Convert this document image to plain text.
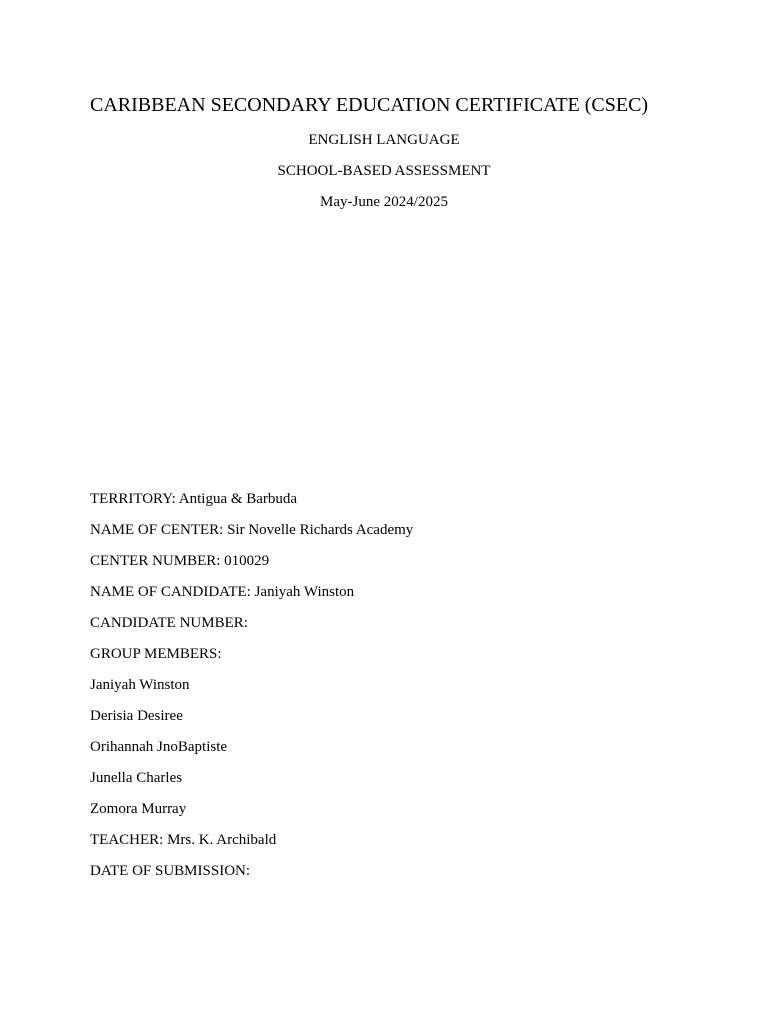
CARIBBEAN SECONDARY EDUCATION CERTIFICATE (CSEC)
ENGLISH LANGUAGE
SCHOOL-BASED ASSESSMENT
May-June 2024/2025
TERRITORY: Antigua & Barbuda
NAME OF CENTER: Sir Novelle Richards Academy
CENTER NUMBER: 010029
NAME OF CANDIDATE: Janiyah Winston
CANDIDATE NUMBER:
GROUP MEMBERS:
Janiyah Winston
Derisia Desiree
Orihannah JnoBaptiste
Junella Charles
Zomora Murray
TEACHER: Mrs. K. Archibald
DATE OF SUBMISSION:
